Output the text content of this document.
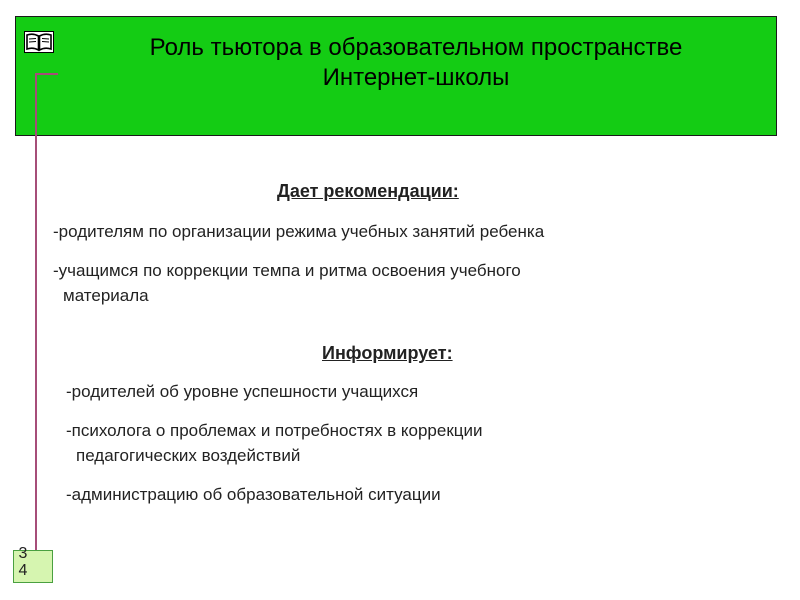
Роль тьютора в образовательном пространстве
Интернет-школы
Дает рекомендации:
-родителям по организации режима учебных занятий ребенка
-учащимся по коррекции темпа и ритма освоения учебного
материала
Информирует:
-родителей об уровне успешности учащихся
-психолога о проблемах и потребностях в коррекции
педагогических воздействий
-администрацию об образовательной ситуации
34
